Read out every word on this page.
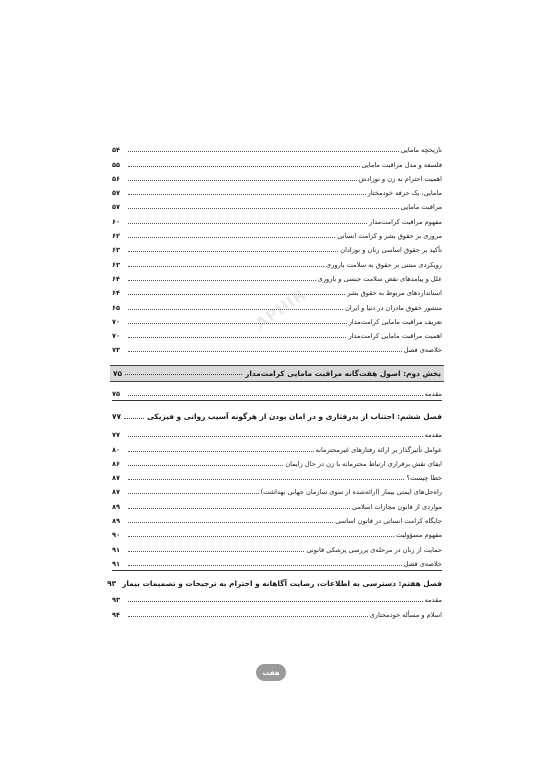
تاریخچه مامایی
۵۴
فلسفه و مدل مراقبت مامایی
۵۵
اهمیت احترام به زن و نوزادش
۵۶
مامایی، یک حرفه خودمختار
۵۷
مراقبت مامایی
۵۷
مفهوم مراقبت کرامت‌مدار
۶۰
مروری بر حقوق بشر و کرامت انسانی
۶۲
تأکید بر حقوق اساسی زنان و نوزادان
۶۳
رویکردی مبتنی بر حقوق به سلامت باروری
۶۳
علل و پیامدهای نقض سلامت جنسی و باروری
۶۴
استانداردهای مربوط به حقوق بشر
۶۴
منشور حقوق مادران در دنیا و ایران
۶۵
تعریف مراقبت مامایی کرامت‌مدار
۷۰
اهمیت مراقبت مامایی کرامت‌مدار
۷۰
خلاصه‌ی فصل
۷۳
بخش دوم: اصول هفت‌گانه مراقبت مامایی کرامت‌مدار
۷۵
مقدمه
۷۵
فصل ششم: اجتناب از بدرفتاری و در امان بودن از هرگونه آسیب روانی و فیزیکی
۷۷
مقدمه
۷۷
عوامل تأثیرگذار بر ارائه رفتارهای غیرمحترمانه
۸۰
ایفای نقش برقراری ارتباط محترمانه با زن در حال زایمان
۸۶
خطا چیست؟
۸۷
راه‌حل‌های ایمنی بیمار (ارائه‌شده از سوی سازمان جهانی بهداشت)
۸۷
مواردی از قانون مجازات اسلامی
۸۹
جایگاه کرامت انسانی در قانون اساسی
۸۹
مفهوم مسؤولیت
۹۰
حمایت از زنان در مرحله‌ی بررسی پزشکی قانونی
۹۱
خلاصه‌ی فصل
۹۱
فصل هفتم: دسترسی به اطلاعات، رضایت آگاهانه و احترام به ترجیحات و تصمیمات بیمار
۹۳
مقدمه
۹۳
اسلام و مسأله خودمختاری
۹۴
APHIR
هفت
